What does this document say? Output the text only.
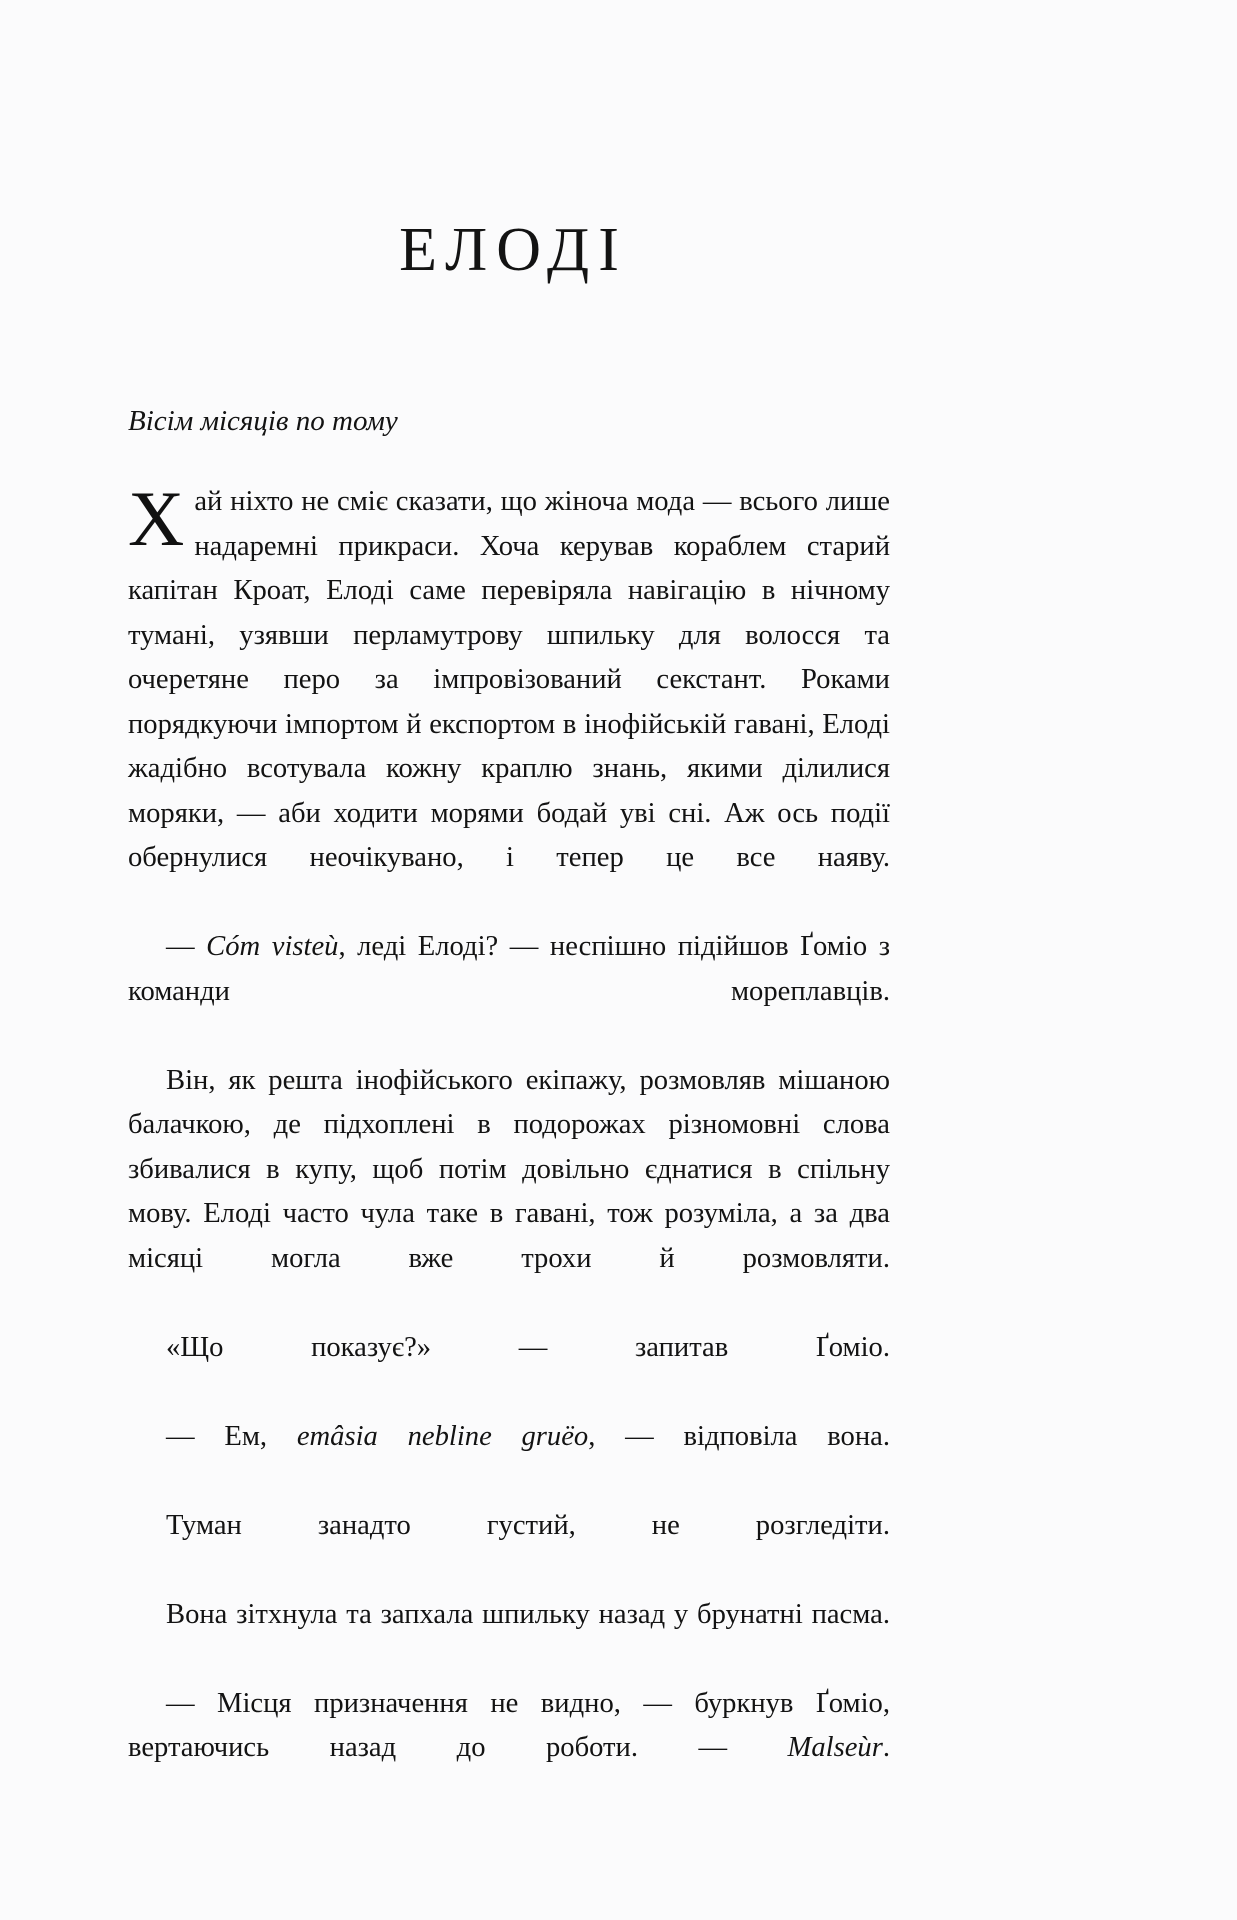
ЕЛОДІ

Вісім місяців по тому

Хай ніхто не сміє сказати, що жіноча мода — всього лише надаремні прикраси. Хоча керував кораблем старий капітан Кроат, Елоді саме перевіряла навігацію в нічному тумані, узявши перламутрову шпильку для волосся та очеретяне перо за імпровізований секстант. Роками порядкуючи імпортом й експортом в інофійській гавані, Елоді жадібно всотувала кожну краплю знань, якими ділилися моряки, — аби ходити морями бодай уві сні. Аж ось події обернулися неочікувано, і тепер це все наяву.

— Cóm visteù, леді Елоді? — неспішно підійшов Ґоміо з команди мореплавців.

Він, як решта інофійського екіпажу, розмовляв мішаною балачкою, де підхоплені в подорожах різномовні слова збивалися в купу, щоб потім довільно єднатися в спільну мову. Елоді часто чула таке в гавані, тож розуміла, а за два місяці могла вже трохи й розмовляти.

«Що показує?» — запитав Ґоміо.

— Ем, emâsia nebline gruëo, — відповіла вона.

Туман занадто густий, не розгледіти.

Вона зітхнула та запхала шпильку назад у брунатні пасма.

— Місця призначення не видно, — буркнув Ґоміо, вертаючись назад до роботи. — Malseùr.
